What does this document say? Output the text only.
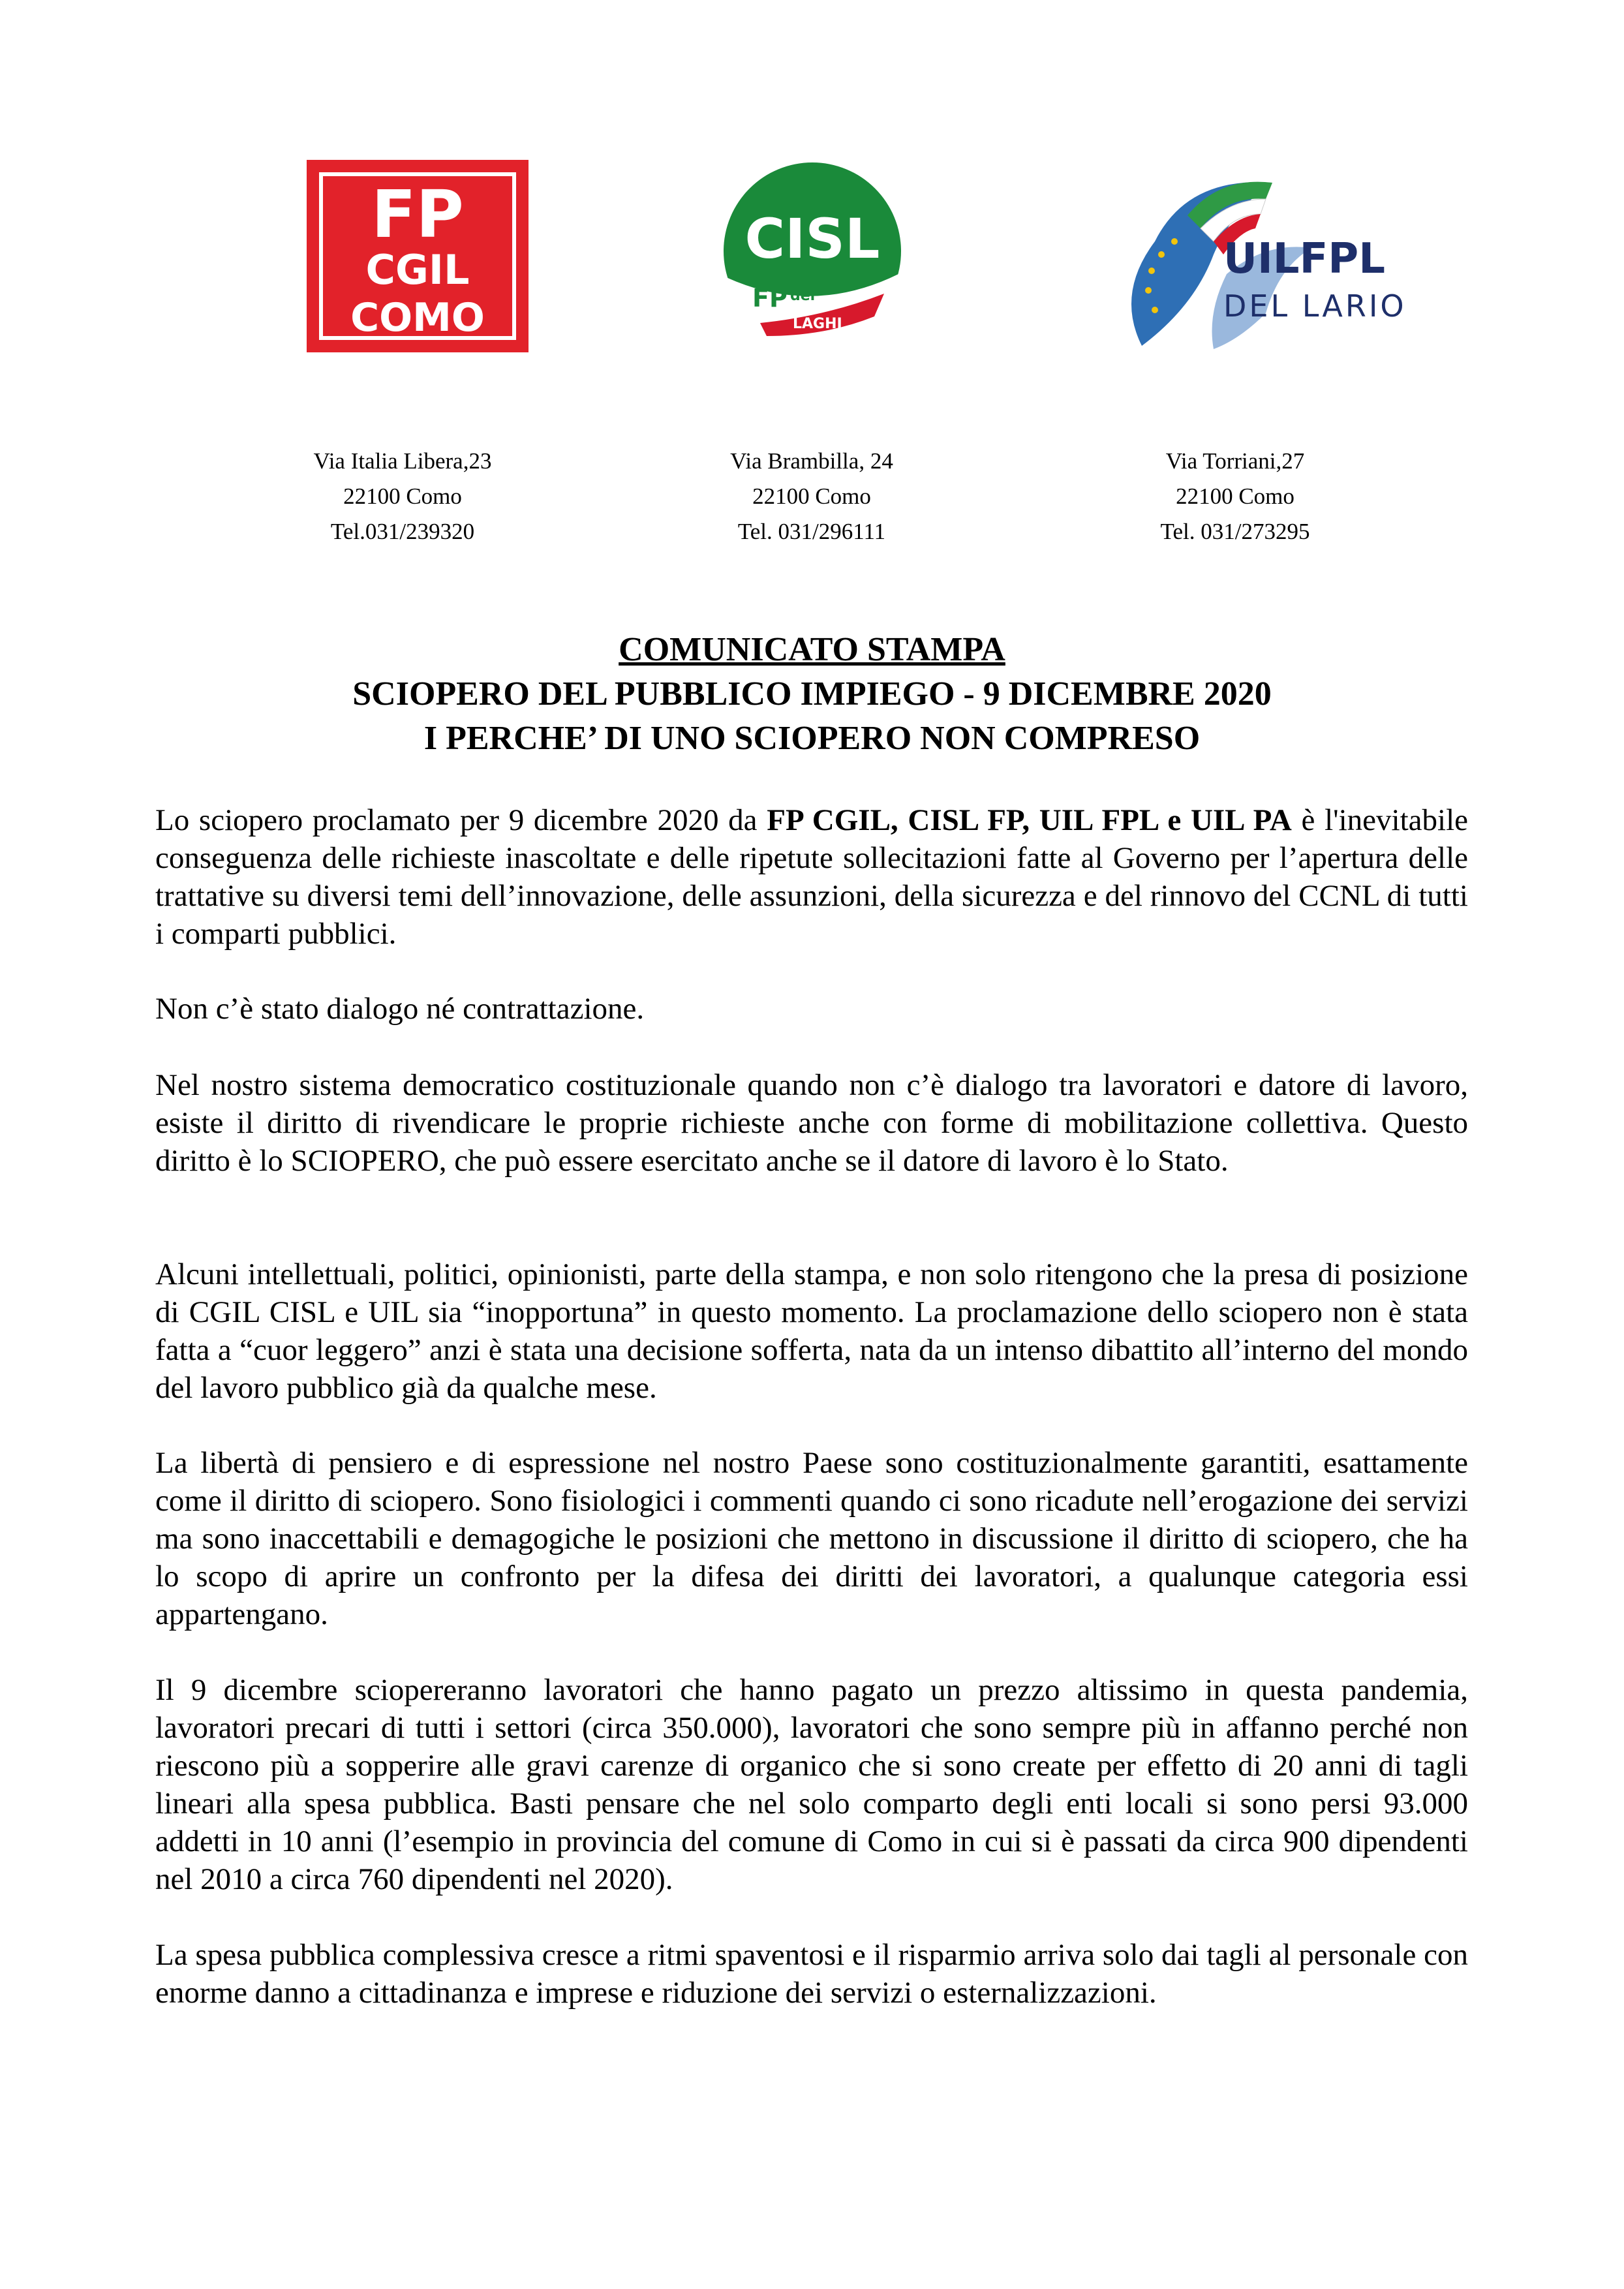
FP
CGIL
COMO
CISL
FP dei
LAGHI
UILFPL
DEL LARIO
Via Italia Libera,23
22100 Como
Tel.031/239320
Via Brambilla, 24
22100 Como
Tel. 031/296111
Via Torriani,27
22100 Como
Tel. 031/273295
COMUNICATO STAMPA
SCIOPERO DEL PUBBLICO IMPIEGO - 9 DICEMBRE 2020
I PERCHE’ DI UNO SCIOPERO NON COMPRESO

Lo sciopero proclamato per 9 dicembre 2020 da FP CGIL, CISL FP, UIL FPL e UIL PA è l'inevitabile conseguenza delle richieste inascoltate e delle ripetute sollecitazioni fatte al Governo per l’apertura delle trattative su diversi temi dell’innovazione, delle assunzioni, della sicurezza e del rinnovo del CCNL di tutti i comparti pubblici.

Non c’è stato dialogo né contrattazione.

Nel nostro sistema democratico costituzionale quando non c’è dialogo tra lavoratori e datore di lavoro, esiste il diritto di rivendicare le proprie richieste anche con forme di mobilitazione collettiva. Questo diritto è lo SCIOPERO, che può essere esercitato anche se il datore di lavoro è lo Stato.

Alcuni intellettuali, politici, opinionisti, parte della stampa, e non solo ritengono che la presa di posizione di CGIL CISL e UIL sia “inopportuna” in questo momento. La proclamazione dello sciopero non è stata fatta a “cuor leggero” anzi è stata una decisione sofferta, nata da un intenso dibattito all’interno del mondo del lavoro pubblico già da qualche mese.

La libertà di pensiero e di espressione nel nostro Paese sono costituzionalmente garantiti, esattamente come il diritto di sciopero. Sono fisiologici i commenti quando ci sono ricadute nell’erogazione dei servizi ma sono inaccettabili e demagogiche le posizioni che mettono in discussione il diritto di sciopero, che ha lo scopo di aprire un confronto per la difesa dei diritti dei lavoratori, a qualunque categoria essi appartengano.

Il 9 dicembre sciopereranno lavoratori che hanno pagato un prezzo altissimo in questa pandemia, lavoratori precari di tutti i settori (circa 350.000), lavoratori che sono sempre più in affanno perché non riescono più a sopperire alle gravi carenze di organico che si sono create per effetto di 20 anni di tagli lineari alla spesa pubblica. Basti pensare che nel solo comparto degli enti locali si sono persi 93.000 addetti in 10 anni (l’esempio in provincia del comune di Como in cui si è passati da circa 900 dipendenti nel 2010 a circa 760 dipendenti nel 2020).

La spesa pubblica complessiva cresce a ritmi spaventosi e il risparmio arriva solo dai tagli al personale con enorme danno a cittadinanza e imprese e riduzione dei servizi o esternalizzazioni.
